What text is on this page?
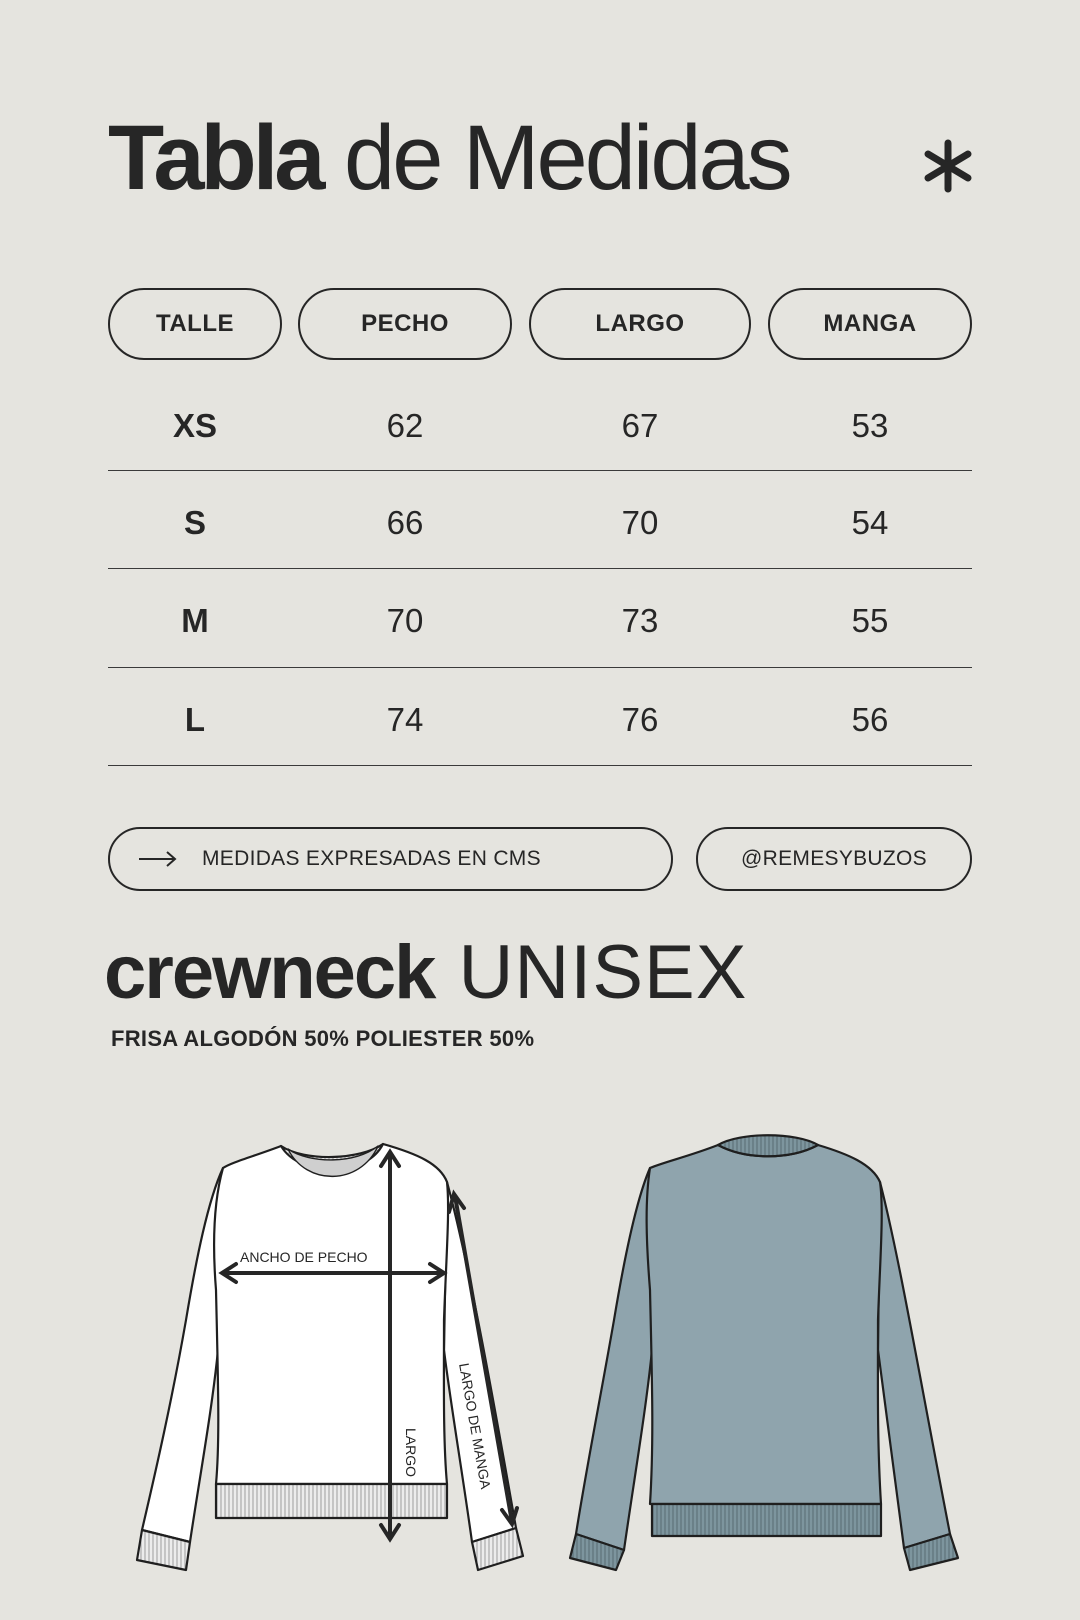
Tabla de Medidas
TALLE	PECHO	LARGO	MANGA
XS	62	67	53
S	66	70	54
M	70	73	55
L	74	76	56
MEDIDAS EXPRESADAS EN CMS	@REMESYBUZOS
crewneck UNISEX
FRISA ALGODÓN 50% POLIESTER 50%
ANCHO DE PECHO
LARGO	LARGO DE MANGA
